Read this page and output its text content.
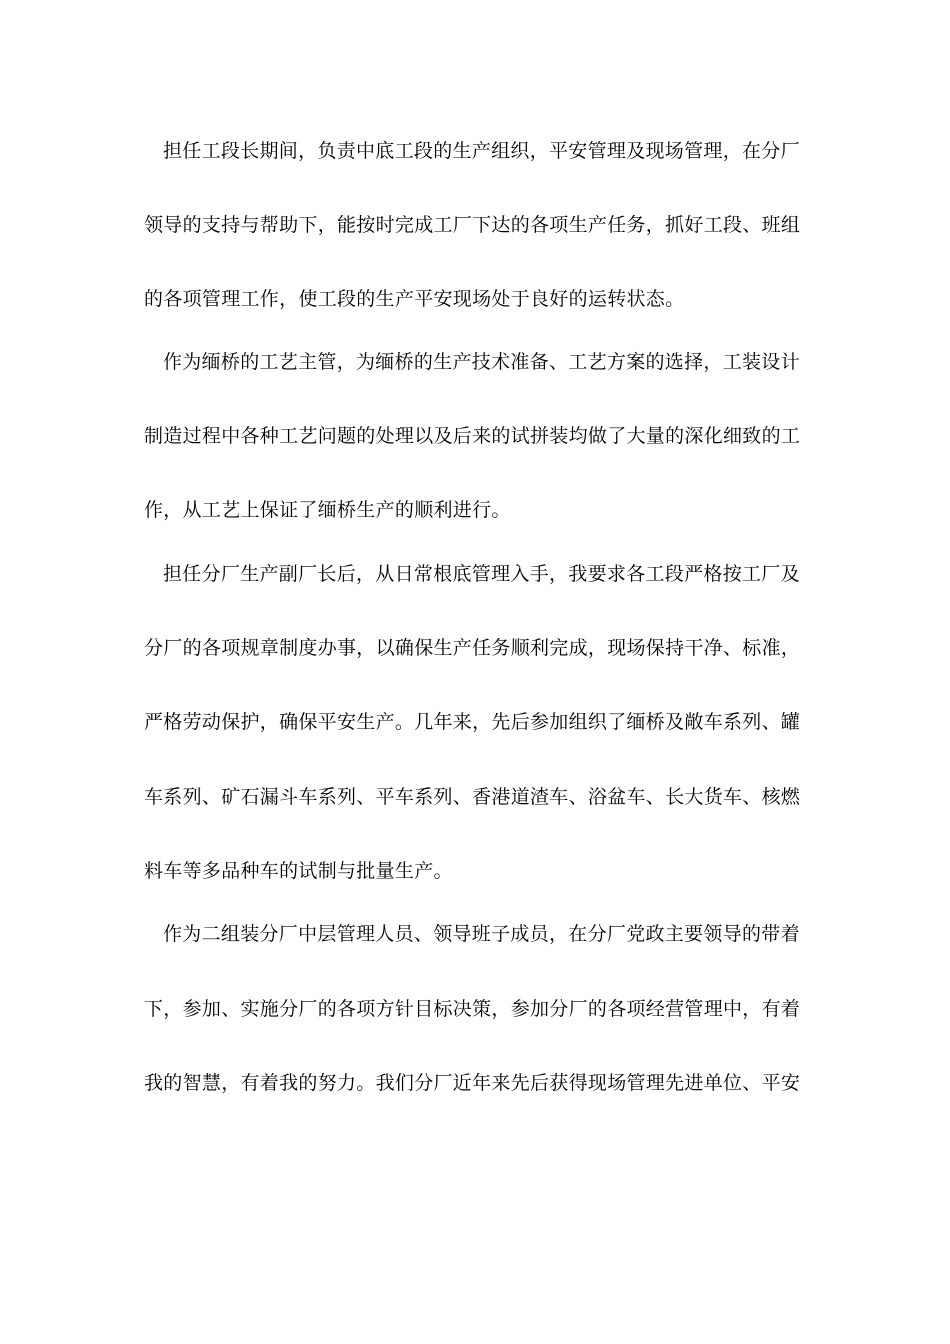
担任工段长期间，负责中底工段的生产组织，平安管理及现场管理，在分厂
领导的支持与帮助下，能按时完成工厂下达的各项生产任务，抓好工段、班组
的各项管理工作，使工段的生产平安现场处于良好的运转状态。
作为缅桥的工艺主管，为缅桥的生产技术准备、工艺方案的选择，工装设计
制造过程中各种工艺问题的处理以及后来的试拼装均做了大量的深化细致的工
作，从工艺上保证了缅桥生产的顺利进行。
担任分厂生产副厂长后，从日常根底管理入手，我要求各工段严格按工厂及
分厂的各项规章制度办事，以确保生产任务顺利完成，现场保持干净、标准，
严格劳动保护，确保平安生产。几年来，先后参加组织了缅桥及敞车系列、罐
车系列、矿石漏斗车系列、平车系列、香港道渣车、浴盆车、长大货车、核燃
料车等多品种车的试制与批量生产。
作为二组装分厂中层管理人员、领导班子成员，在分厂党政主要领导的带着
下，参加、实施分厂的各项方针目标决策，参加分厂的各项经营管理中，有着
我的智慧，有着我的努力。我们分厂近年来先后获得现场管理先进单位、平安
